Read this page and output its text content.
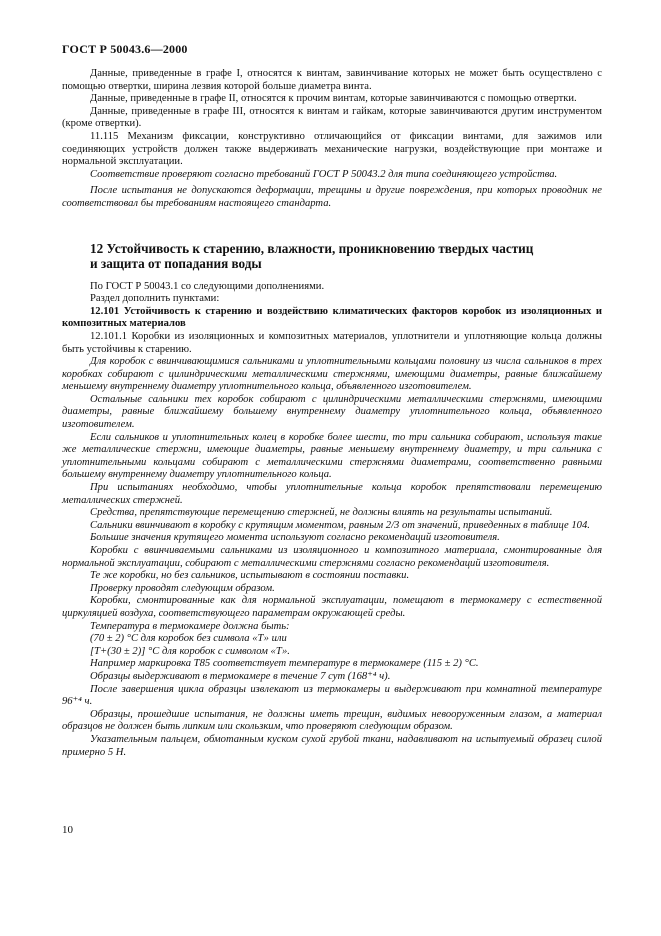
ГОСТ Р 50043.6—2000

Данные, приведенные в графе I, относятся к винтам, завинчивание которых не может быть осуществлено с помощью отвертки, ширина лезвия которой больше диаметра винта.

Данные, приведенные в графе II, относятся к прочим винтам, которые завинчиваются с помощью отвертки.

Данные, приведенные в графе III, относятся к винтам и гайкам, которые завинчиваются другим инструментом (кроме отвертки).

11.115 Механизм фиксации, конструктивно отличающийся от фиксации винтами, для зажимов или соединяющих устройств должен также выдерживать механические нагрузки, воздействующие при монтаже и нормальной эксплуатации.

Соответствие проверяют согласно требований ГОСТ Р 50043.2 для типа соединяющего устройства.

После испытания не допускаются деформации, трещины и другие повреждения, при которых проводник не соответствовал бы требованиям настоящего стандарта.

12 Устойчивость к старению, влажности, проникновению твердых частиц

и защита от попадания воды

По ГОСТ Р 50043.1 со следующими дополнениями.

Раздел дополнить пунктами:

12.101 Устойчивость к старению и воздействию климатических факторов коробок из изоляционных и композитных материалов

12.101.1 Коробки из изоляционных и композитных материалов, уплотнители и уплотняющие кольца должны быть устойчивы к старению.

Для коробок с ввинчивающимися сальниками и уплотнительными кольцами половину из числа сальников в трех коробках собирают с цилиндрическими металлическими стержнями, имеющими диаметры, равные ближайшему меньшему внутреннему диаметру уплотнительного кольца, объявленного изготовителем.

Остальные сальники тех коробок собирают с цилиндрическими металлическими стержнями, имеющими диаметры, равные ближайшему большему внутреннему диаметру уплотнительного кольца, объявленного изготовителем.

Если сальников и уплотнительных колец в коробке более шести, то три сальника собирают, используя такие же металлические стержни, имеющие диаметры, равные меньшему внутреннему диаметру, и три сальника с уплотнительными кольцами собирают с металлическими стержнями диаметрами, соответственно равными большему внутреннему диаметру уплотнительного кольца.

При испытаниях необходимо, чтобы уплотнительные кольца коробок препятствовали перемещению металлических стержней.

Средства, препятствующие перемещению стержней, не должны влиять на результаты испытаний.

Сальники ввинчивают в коробку с крутящим моментом, равным 2/3 от значений, приведенных в таблице 104.

Большие значения крутящего момента используют согласно рекомендаций изготовителя.

Коробки с ввинчиваемыми сальниками из изоляционного и композитного материала, смонтированные для нормальной эксплуатации, собирают с металлическими стержнями согласно рекомендаций изготовителя.

Те же коробки, но без сальников, испытывают в состоянии поставки.

Проверку проводят следующим образом.

Коробки, смонтированные как для нормальной эксплуатации, помещают в термокамеру с естественной циркуляцией воздуха, соответствующего параметрам окружающей среды.

Температура в термокамере должна быть:

(70 ± 2) °С для коробок без символа «Т» или

[Т+(30 ± 2)] °С для коробок с символом «Т».

Например маркировка Т85 соответствует температуре в термокамере (115 ± 2) °С.

Образцы выдерживают в термокамере в течение 7 сут (168⁺⁴ ч).

После завершения цикла образцы извлекают из термокамеры и выдерживают при комнатной температуре 96⁺⁴ ч.

Образцы, прошедшие испытания, не должны иметь трещин, видимых невооруженным глазом, а материал образцов не должен быть липким или скользким, что проверяют следующим образом.

Указательным пальцем, обмотанным куском сухой грубой ткани, надавливают на испытуемый образец силой примерно 5 Н.

10
